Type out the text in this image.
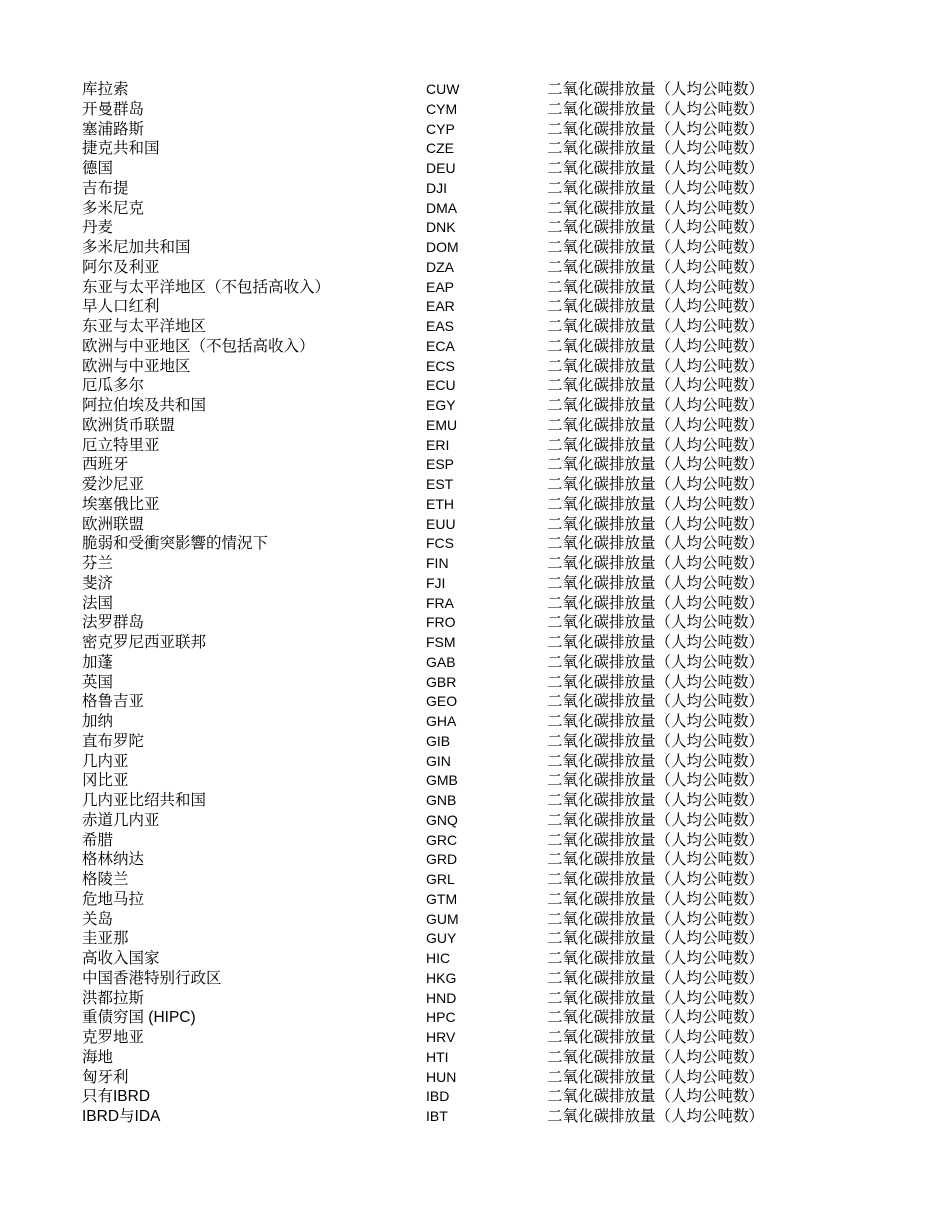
库拉索	CUW	二氧化碳排放量（人均公吨数）
开曼群岛	CYM	二氧化碳排放量（人均公吨数）
塞浦路斯	CYP	二氧化碳排放量（人均公吨数）
捷克共和国	CZE	二氧化碳排放量（人均公吨数）
德国	DEU	二氧化碳排放量（人均公吨数）
吉布提	DJI	二氧化碳排放量（人均公吨数）
多米尼克	DMA	二氧化碳排放量（人均公吨数）
丹麦	DNK	二氧化碳排放量（人均公吨数）
多米尼加共和国	DOM	二氧化碳排放量（人均公吨数）
阿尔及利亚	DZA	二氧化碳排放量（人均公吨数）
东亚与太平洋地区（不包括高收入）	EAP	二氧化碳排放量（人均公吨数）
早人口红利	EAR	二氧化碳排放量（人均公吨数）
东亚与太平洋地区	EAS	二氧化碳排放量（人均公吨数）
欧洲与中亚地区（不包括高收入）	ECA	二氧化碳排放量（人均公吨数）
欧洲与中亚地区	ECS	二氧化碳排放量（人均公吨数）
厄瓜多尔	ECU	二氧化碳排放量（人均公吨数）
阿拉伯埃及共和国	EGY	二氧化碳排放量（人均公吨数）
欧洲货币联盟	EMU	二氧化碳排放量（人均公吨数）
厄立特里亚	ERI	二氧化碳排放量（人均公吨数）
西班牙	ESP	二氧化碳排放量（人均公吨数）
爱沙尼亚	EST	二氧化碳排放量（人均公吨数）
埃塞俄比亚	ETH	二氧化碳排放量（人均公吨数）
欧洲联盟	EUU	二氧化碳排放量（人均公吨数）
脆弱和受衝突影響的情況下	FCS	二氧化碳排放量（人均公吨数）
芬兰	FIN	二氧化碳排放量（人均公吨数）
斐济	FJI	二氧化碳排放量（人均公吨数）
法国	FRA	二氧化碳排放量（人均公吨数）
法罗群岛	FRO	二氧化碳排放量（人均公吨数）
密克罗尼西亚联邦	FSM	二氧化碳排放量（人均公吨数）
加蓬	GAB	二氧化碳排放量（人均公吨数）
英国	GBR	二氧化碳排放量（人均公吨数）
格鲁吉亚	GEO	二氧化碳排放量（人均公吨数）
加纳	GHA	二氧化碳排放量（人均公吨数）
直布罗陀	GIB	二氧化碳排放量（人均公吨数）
几内亚	GIN	二氧化碳排放量（人均公吨数）
冈比亚	GMB	二氧化碳排放量（人均公吨数）
几内亚比绍共和国	GNB	二氧化碳排放量（人均公吨数）
赤道几内亚	GNQ	二氧化碳排放量（人均公吨数）
希腊	GRC	二氧化碳排放量（人均公吨数）
格林纳达	GRD	二氧化碳排放量（人均公吨数）
格陵兰	GRL	二氧化碳排放量（人均公吨数）
危地马拉	GTM	二氧化碳排放量（人均公吨数）
关岛	GUM	二氧化碳排放量（人均公吨数）
圭亚那	GUY	二氧化碳排放量（人均公吨数）
高收入国家	HIC	二氧化碳排放量（人均公吨数）
中国香港特别行政区	HKG	二氧化碳排放量（人均公吨数）
洪都拉斯	HND	二氧化碳排放量（人均公吨数）
重债穷国 (HIPC)	HPC	二氧化碳排放量（人均公吨数）
克罗地亚	HRV	二氧化碳排放量（人均公吨数）
海地	HTI	二氧化碳排放量（人均公吨数）
匈牙利	HUN	二氧化碳排放量（人均公吨数）
只有IBRD	IBD	二氧化碳排放量（人均公吨数）
IBRD与IDA	IBT	二氧化碳排放量（人均公吨数）
